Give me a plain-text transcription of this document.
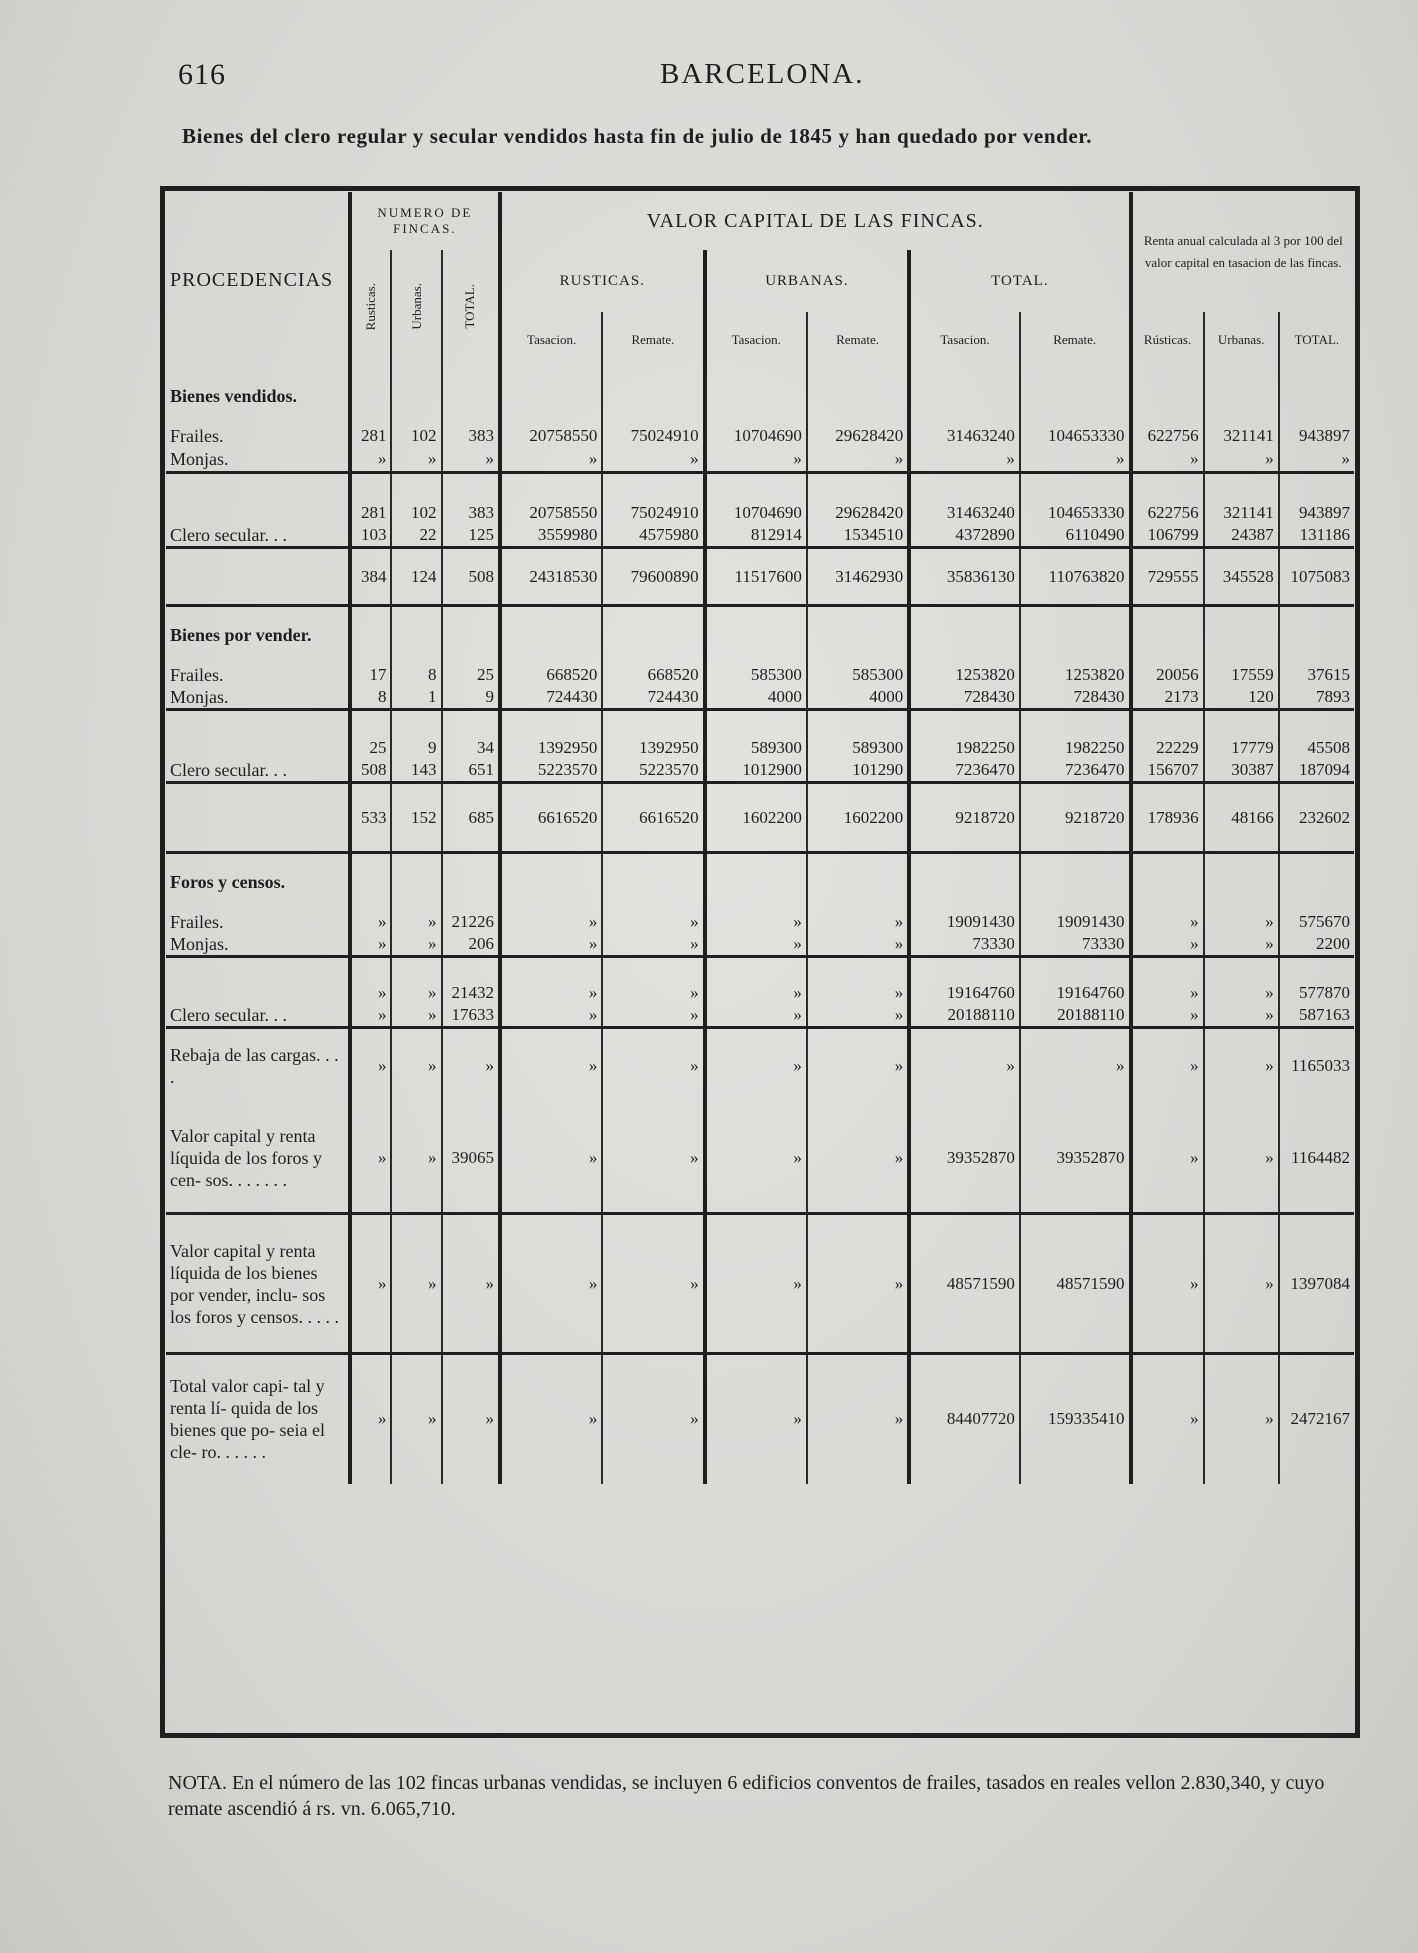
616	BARCELONA.
Bienes del clero regular y secular vendidos hasta fin de julio de 1845 y han quedado por vender.
PROCEDENCIAS	NUMERO DE FINCAS.			VALOR CAPITAL DE LAS FINCAS.						Renta anual calculada al 3 por 100 del valor capital en tasacion de las fincas.		
	Rusticas.	Urbanas.	TOTAL.	RUSTICAS.		URBANAS.		TOTAL.				
				Tasacion.	Remate.	Tasacion.	Remate.	Tasacion.	Remate.	Rústicas.	Urbanas.	TOTAL.
Bienes vendidos.												
Frailes.	281	102	383	20758550	75024910	10704690	29628420	31463240	104653330	622756	321141	943897
Monjas.	»	»	»	»	»	»	»	»	»	»	»	»

	281	102	383	20758550	75024910	10704690	29628420	31463240	104653330	622756	321141	943897
Clero secular. . .	103	22	125	3559980	4575980	812914	1534510	4372890	6110490	106799	24387	131186
	384	124	508	24318530	79600890	11517600	31462930	35836130	110763820	729555	345528	1075083
Bienes por vender.												
Frailes.	17	8	25	668520	668520	585300	585300	1253820	1253820	20056	17559	37615
Monjas.	8	1	9	724430	724430	4000	4000	728430	728430	2173	120	7893

	25	9	34	1392950	1392950	589300	589300	1982250	1982250	22229	17779	45508
Clero secular. . .	508	143	651	5223570	5223570	1012900	101290	7236470	7236470	156707	30387	187094
	533	152	685	6616520	6616520	1602200	1602200	9218720	9218720	178936	48166	232602
Foros y censos.												
Frailes.	»	»	21226	»	»	»	»	19091430	19091430	»	»	575670
Monjas.	»	»	206	»	»	»	»	73330	73330	»	»	2200

	»	»	21432	»	»	»	»	19164760	19164760	»	»	577870
Clero secular. . .	»	»	17633	»	»	»	»	20188110	20188110	»	»	587163
Rebaja de las cargas. . . .	»	»	»	»	»	»	»	»	»	»	»	1165033
Valor capital y renta líquida de los foros y cen- sos. . . . . . .	»	»	39065	»	»	»	»	39352870	39352870	»	»	1164482
Valor capital y renta líquida de los bienes por vender, inclu- sos los foros y censos. . . . .	»	»	»	»	»	»	»	48571590	48571590	»	»	1397084
Total valor capi- tal y renta lí- quida de los bienes que po- seia el cle- ro. . . . . .	»	»	»	»	»	»	»	84407720	159335410	»	»	2472167
NOTA. En el número de las 102 fincas urbanas vendidas, se incluyen 6 edificios conventos de frailes, tasados en reales vellon 2.830,340, y cuyo remate ascendió á rs. vn. 6.065,710.
